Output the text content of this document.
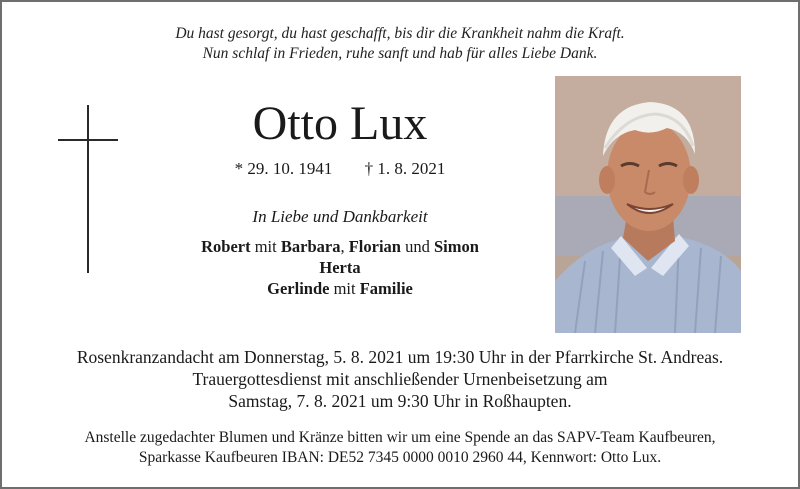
Du hast gesorgt, du hast geschafft, bis dir die Krankheit nahm die Kraft.
Nun schlaf in Frieden, ruhe sanft und hab für alles Liebe Dank.
Otto Lux
* 29. 10. 1941 † 1. 8. 2021
In Liebe und Dankbarkeit
Robert mit Barbara, Florian und Simon
Herta
Gerlinde mit Familie
Rosenkranzandacht am Donnerstag, 5. 8. 2021 um 19:30 Uhr in der Pfarrkirche St. Andreas.
Trauergottesdienst mit anschließender Urnenbeisetzung am
Samstag, 7. 8. 2021 um 9:30 Uhr in Roßhaupten.
Anstelle zugedachter Blumen und Kränze bitten wir um eine Spende an das SAPV-Team Kaufbeuren,
Sparkasse Kaufbeuren IBAN: DE52 7345 0000 0010 2960 44, Kennwort: Otto Lux.
